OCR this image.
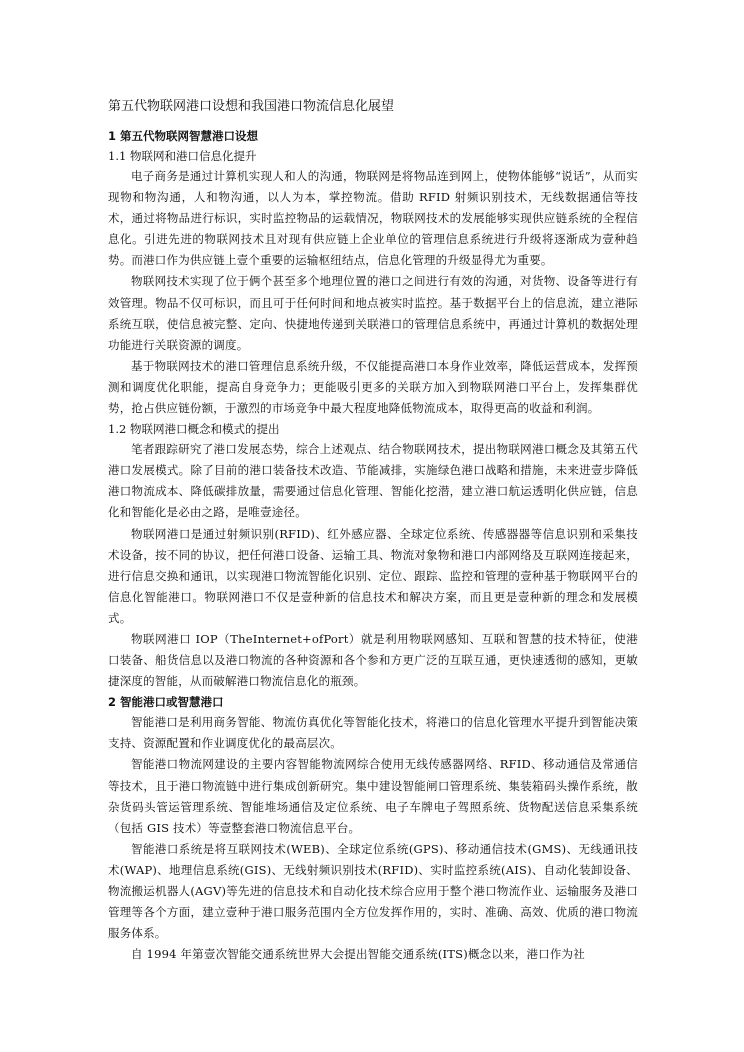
第五代物联网港口设想和我国港口物流信息化展望
1 第五代物联网智慧港口设想
1.1 物联网和港口信息化提升

电子商务是通过计算机实现人和人的沟通，物联网是将物品连到网上，使物体能够“说话”，从而实现物和物沟通，人和物沟通，以人为本，掌控物流。借助 RFID 射频识别技术，无线数据通信等技术，通过将物品进行标识，实时监控物品的运载情况，物联网技术的发展能够实现供应链系统的全程信息化。引进先进的物联网技术且对现有供应链上企业单位的管理信息系统进行升级将逐渐成为壹种趋势。而港口作为供应链上壹个重要的运输枢纽结点，信息化管理的升级显得尤为重要。

物联网技术实现了位于俩个甚至多个地理位置的港口之间进行有效的沟通，对货物、设备等进行有效管理。物品不仅可标识，而且可于任何时间和地点被实时监控。基于数据平台上的信息流，建立港际系统互联，使信息被完整、定向、快捷地传递到关联港口的管理信息系统中，再通过计算机的数据处理功能进行关联资源的调度。

基于物联网技术的港口管理信息系统升级，不仅能提高港口本身作业效率，降低运营成本，发挥预测和调度优化职能，提高自身竞争力；更能吸引更多的关联方加入到物联网港口平台上，发挥集群优势，抢占供应链份额，于激烈的市场竞争中最大程度地降低物流成本，取得更高的收益和利润。

1.2 物联网港口概念和模式的提出

笔者跟踪研究了港口发展态势，综合上述观点、结合物联网技术，提出物联网港口概念及其第五代港口发展模式。除了目前的港口装备技术改造、节能减排，实施绿色港口战略和措施，未来进壹步降低港口物流成本、降低碳排放量，需要通过信息化管理、智能化挖潜，建立港口航运透明化供应链，信息化和智能化是必由之路，是唯壹途径。

物联网港口是通过射频识别(RFID)、红外感应器、全球定位系统、传感器器等信息识别和采集技术设备，按不同的协议，把任何港口设备、运输工具、物流对象物和港口内部网络及互联网连接起来，进行信息交换和通讯，以实现港口物流智能化识别、定位、跟踪、监控和管理的壹种基于物联网平台的信息化智能港口。物联网港口不仅是壹种新的信息技术和解决方案，而且更是壹种新的理念和发展模式。

物联网港口 IOP（TheInternet+ofPort）就是利用物联网感知、互联和智慧的技术特征，使港口装备、船货信息以及港口物流的各种资源和各个参和方更广泛的互联互通，更快速透彻的感知，更敏捷深度的智能，从而破解港口物流信息化的瓶颈。

2 智能港口或智慧港口

智能港口是利用商务智能、物流仿真优化等智能化技术，将港口的信息化管理水平提升到智能决策支持、资源配置和作业调度优化的最高层次。

智能港口物流网建设的主要内容智能物流网综合使用无线传感器网络、RFID、移动通信及常通信等技术，且于港口物流链中进行集成创新研究。集中建设智能闸口管理系统、集装箱码头操作系统，散杂货码头管运管理系统、智能堆场通信及定位系统、电子车牌电子驾照系统、货物配送信息采集系统（包括 GIS 技术）等壹整套港口物流信息平台。

智能港口系统是将互联网技术(WEB)、全球定位系统(GPS)、移动通信技术(GMS)、无线通讯技术(WAP)、地理信息系统(GIS)、无线射频识别技术(RFID)、实时监控系统(AIS)、自动化装卸设备、物流搬运机器人(AGV)等先进的信息技术和自动化技术综合应用于整个港口物流作业、运输服务及港口管理等各个方面，建立壹种于港口服务范围内全方位发挥作用的，实时、准确、高效、优质的港口物流服务体系。

自 1994 年第壹次智能交通系统世界大会提出智能交通系统(ITS)概念以来，港口作为社
